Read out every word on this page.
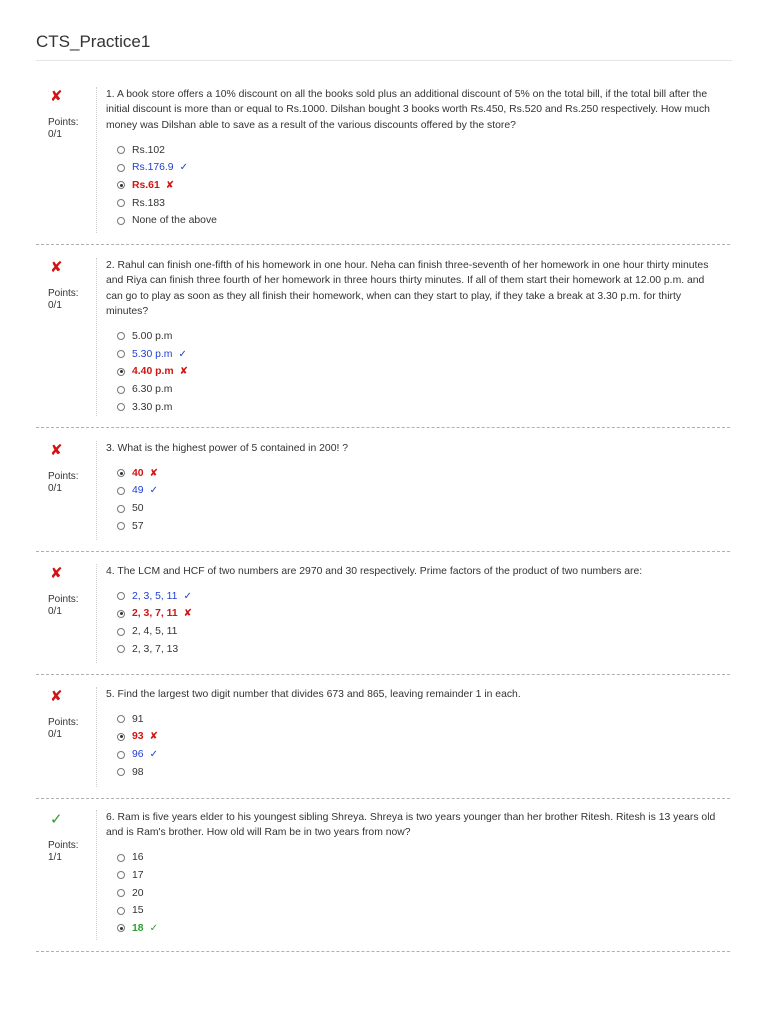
CTS_Practice1
✘
Points:
0/1

1. A book store offers a 10% discount on all the books sold plus an additional discount of 5% on the total bill, if the total bill after the initial discount is more than or equal to Rs.1000. Dilshan bought 3 books worth Rs.450, Rs.520 and Rs.250 respectively. How much money was Dilshan able to save as a result of the various discounts offered by the store?

Rs.102
Rs.176.9 ✓
Rs.61 ✘
Rs.183
None of the above
✘
Points:
0/1

2. Rahul can finish one-fifth of his homework in one hour. Neha can finish three-seventh of her homework in one hour thirty minutes and Riya can finish three fourth of her homework in three hours thirty minutes. If all of them start their homework at 12.00 p.m. and can go to play as soon as they all finish their homework, when can they start to play, if they take a break at 3.30 p.m. for thirty minutes?

5.00 p.m
5.30 p.m ✓
4.40 p.m ✘
6.30 p.m
3.30 p.m
✘
Points:
0/1

3. What is the highest power of 5 contained in 200! ?

40 ✘
49 ✓
50
57
✘
Points:
0/1

4. The LCM and HCF of two numbers are 2970 and 30 respectively. Prime factors of the product of two numbers are:

2, 3, 5, 11 ✓
2, 3, 7, 11 ✘
2, 4, 5, 11
2, 3, 7, 13
✘
Points:
0/1

5. Find the largest two digit number that divides 673 and 865, leaving remainder 1 in each.

91
93 ✘
96 ✓
98
✓
Points:
1/1

6. Ram is five years elder to his youngest sibling Shreya. Shreya is two years younger than her brother Ritesh. Ritesh is 13 years old and is Ram's brother. How old will Ram be in two years from now?

16
17
20
15
18 ✓
